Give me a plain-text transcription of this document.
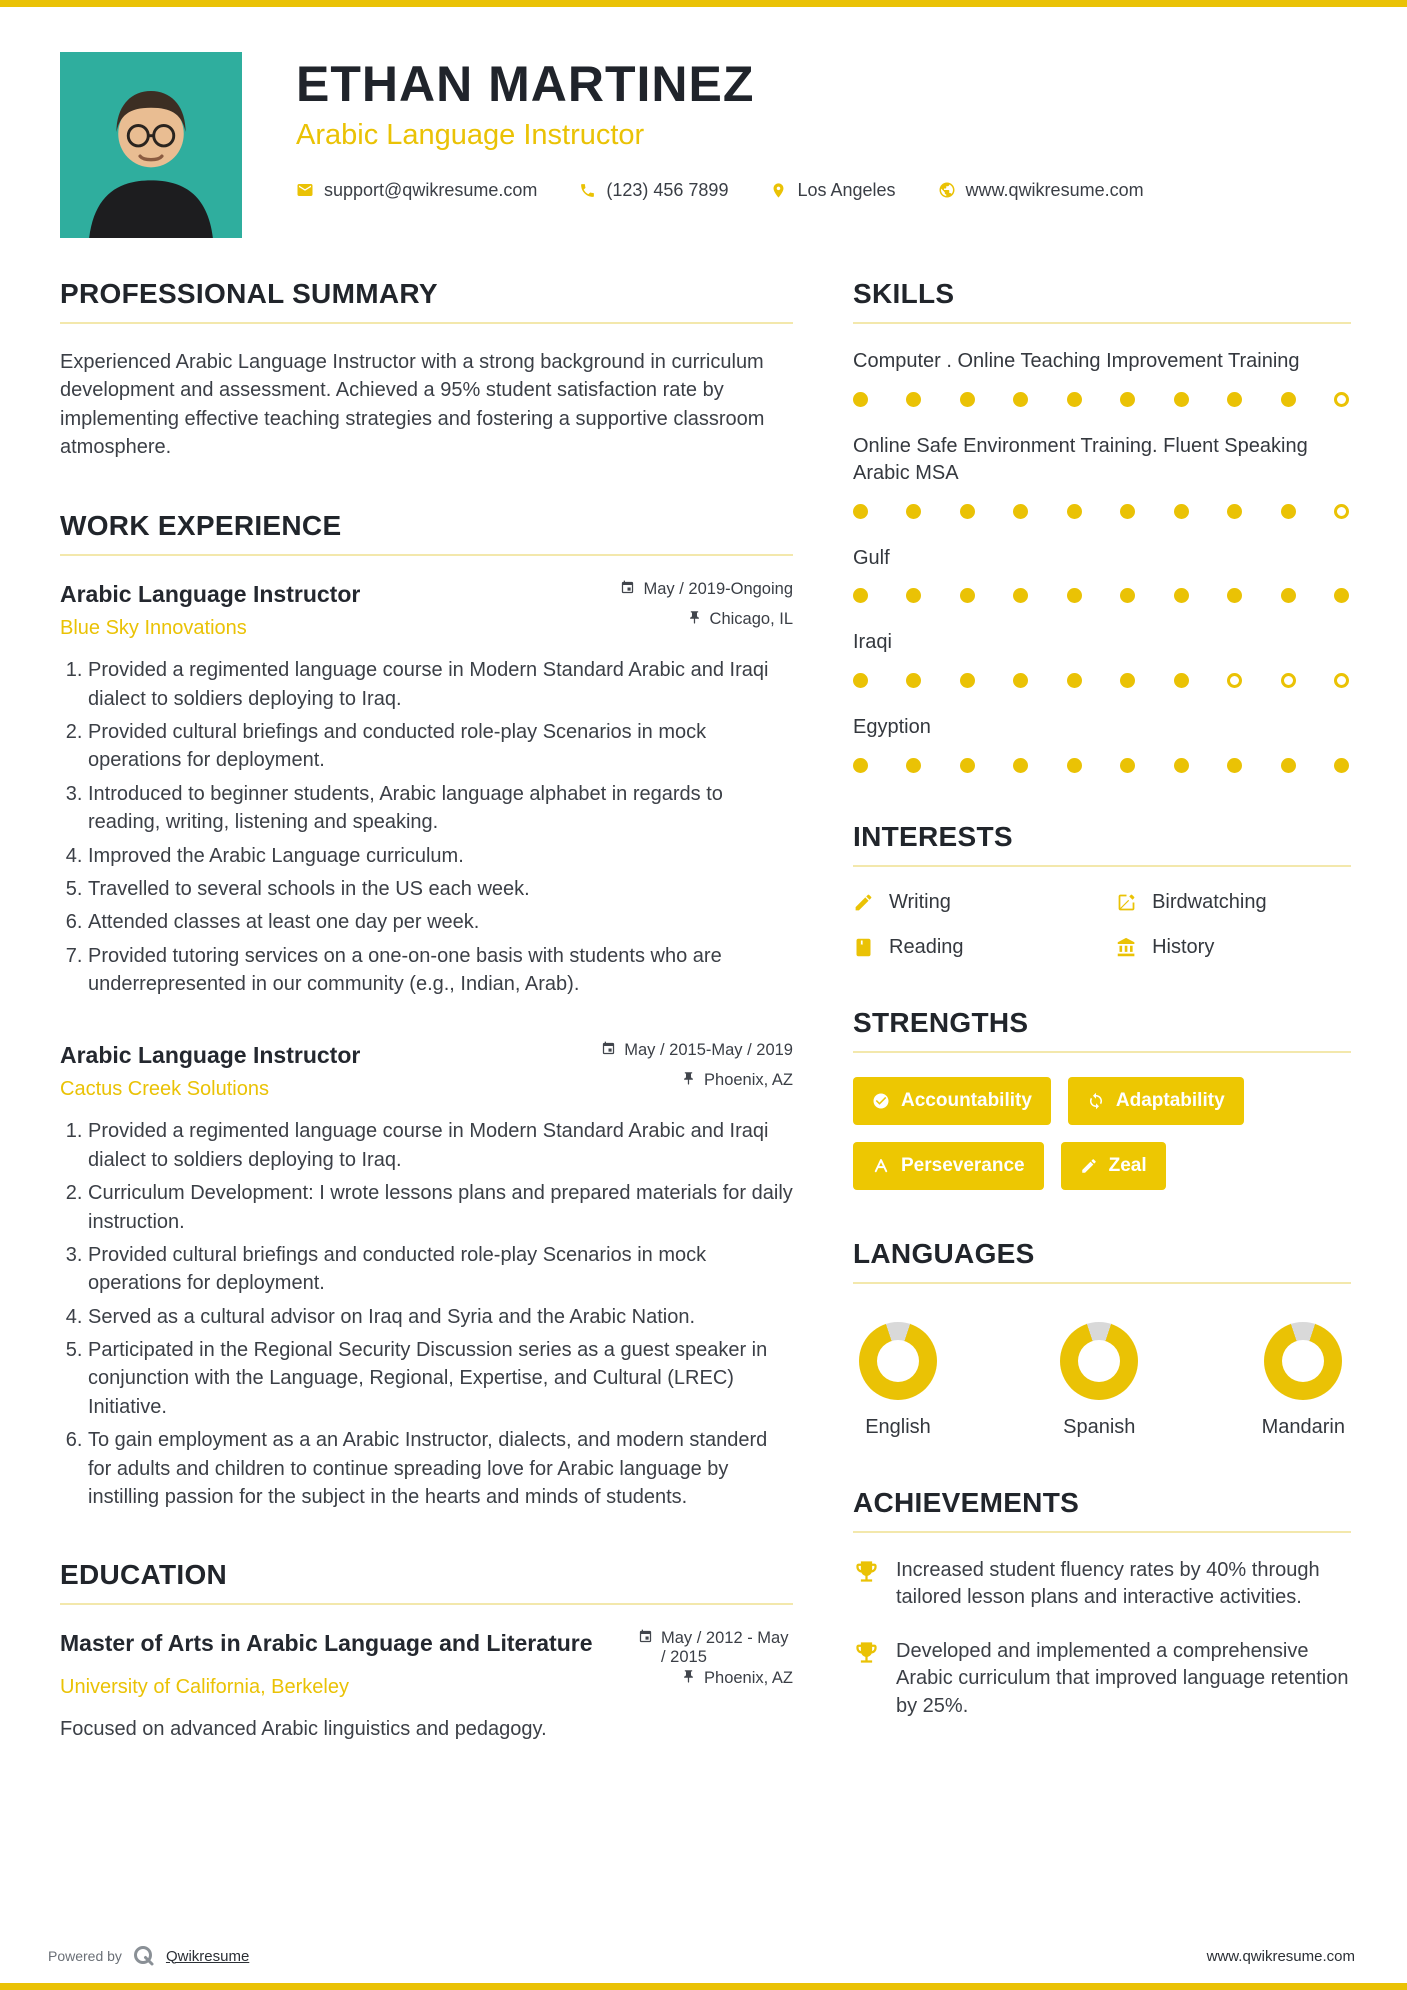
ETHAN MARTINEZ
Arabic Language Instructor
support@qwikresume.com	(123) 456 7899	Los Angeles	www.qwikresume.com
PROFESSIONAL SUMMARY

Experienced Arabic Language Instructor with a strong background in curriculum development and assessment. Achieved a 95% student satisfaction rate by implementing effective teaching strategies and fostering a supportive classroom atmosphere.

WORK EXPERIENCE
Arabic Language Instructor	May / 2019-Ongoing
Blue Sky Innovations	Chicago, IL
1. Provided a regimented language course in Modern Standard Arabic and Iraqi dialect to soldiers deploying to Iraq.
2. Provided cultural briefings and conducted role-play Scenarios in mock operations for deployment.
3. Introduced to beginner students, Arabic language alphabet in regards to reading, writing, listening and speaking.
4. Improved the Arabic Language curriculum.
5. Travelled to several schools in the US each week.
6. Attended classes at least one day per week.
7. Provided tutoring services on a one-on-one basis with students who are underrepresented in our community (e.g., Indian, Arab).
Arabic Language Instructor	May / 2015-May / 2019
Cactus Creek Solutions	Phoenix, AZ
1. Provided a regimented language course in Modern Standard Arabic and Iraqi dialect to soldiers deploying to Iraq.
2. Curriculum Development: I wrote lessons plans and prepared materials for daily instruction.
3. Provided cultural briefings and conducted role-play Scenarios in mock operations for deployment.
4. Served as a cultural advisor on Iraq and Syria and the Arabic Nation.
5. Participated in the Regional Security Discussion series as a guest speaker in conjunction with the Language, Regional, Expertise, and Cultural (LREC) Initiative.
6. To gain employment as a an Arabic Instructor, dialects, and modern standerd for adults and children to continue spreading love for Arabic language by instilling passion for the subject in the hearts and minds of students.
EDUCATION
Master of Arts in Arabic Language and Literature	May / 2012 - May / 2015
University of California, Berkeley	Phoenix, AZ

Focused on advanced Arabic linguistics and pedagogy.

SKILLS
Computer . Online Teaching Improvement Training
Online Safe Environment Training. Fluent Speaking Arabic MSA
Gulf
Iraqi
Egyption
INTERESTS
Writing	Birdwatching
Reading	History
STRENGTHS
Accountability	Adaptability
Perseverance	Zeal
LANGUAGES
English	Spanish	Mandarin
ACHIEVEMENTS
Increased student fluency rates by 40% through tailored lesson plans and interactive activities.
Developed and implemented a comprehensive Arabic curriculum that improved language retention by 25%.
Powered by	Qwikresume	www.qwikresume.com
